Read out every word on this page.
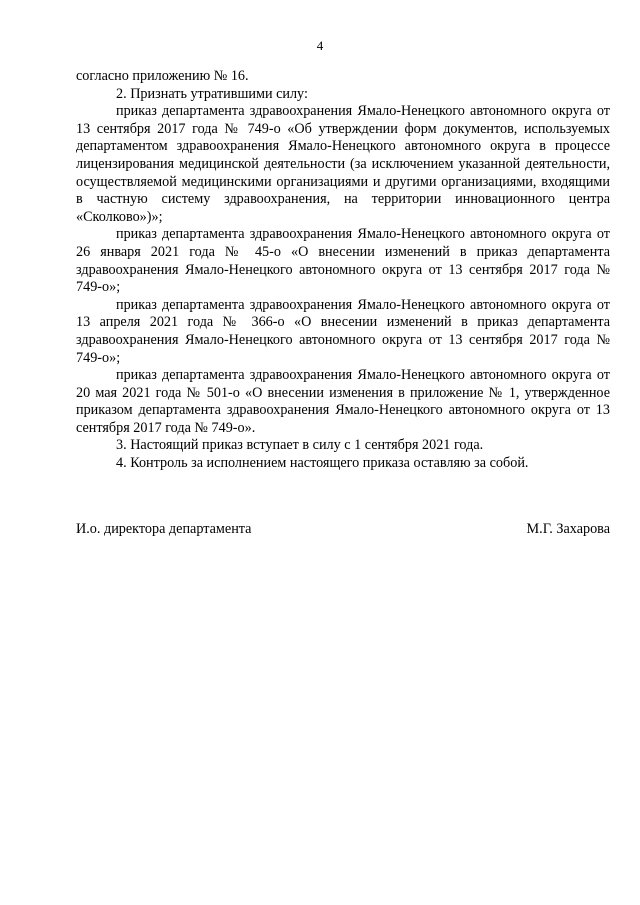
4

согласно приложению № 16.

2. Признать утратившими силу:

приказ департамента здравоохранения Ямало-Ненецкого автономного округа от 13 сентября 2017 года № 749-о «Об утверждении форм документов, используемых департаментом здравоохранения Ямало-Ненецкого автономного округа в процессе лицензирования медицинской деятельности (за исключением указанной деятельности, осуществляемой медицинскими организациями и другими организациями, входящими в частную систему здравоохранения, на территории инновационного центра «Сколково»)»;

приказ департамента здравоохранения Ямало-Ненецкого автономного округа от 26 января 2021 года № 45-о «О внесении изменений в приказ департамента здравоохранения Ямало-Ненецкого автономного округа от 13 сентября 2017 года № 749-о»;

приказ департамента здравоохранения Ямало-Ненецкого автономного округа от 13 апреля 2021 года № 366-о «О внесении изменений в приказ департамента здравоохранения Ямало-Ненецкого автономного округа от 13 сентября 2017 года № 749-о»;

приказ департамента здравоохранения Ямало-Ненецкого автономного округа от 20 мая 2021 года № 501-о «О внесении изменения в приложение № 1, утвержденное приказом департамента здравоохранения Ямало-Ненецкого автономного округа от 13 сентября 2017 года № 749-о».

3. Настоящий приказ вступает в силу с 1 сентября 2021 года.

4. Контроль за исполнением настоящего приказа оставляю за собой.

И.о. директора департамента	М.Г. Захарова
